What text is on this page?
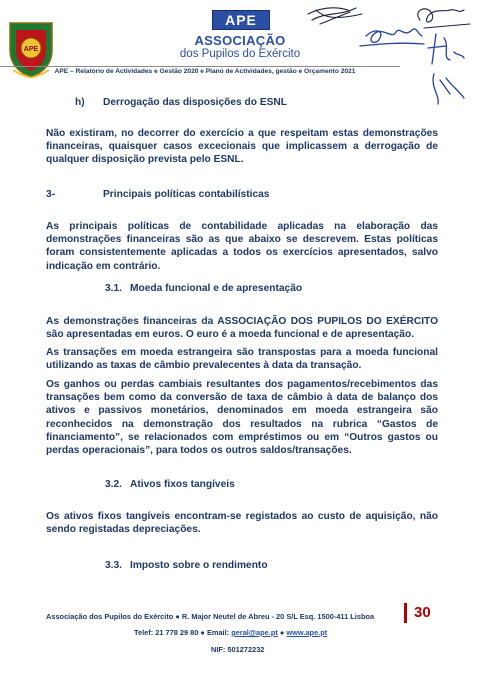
APE
APE
ASSOCIAÇÃO
dos Pupilos do Exército
APE – Relatório de Actividades e Gestão 2020 e Plano de Actividades, gestão e Orçamento 2021
h) Derrogação das disposições do ESNL
Não existiram, no decorrer do exercício a que respeitam estas demonstrações financeiras, quaisquer casos excecionais que implicassem a derrogação de qualquer disposição prevista pelo ESNL.
3-	Principais políticas contabilísticas
As principais políticas de contabilidade aplicadas na elaboração das demonstrações financeiras são as que abaixo se descrevem. Estas políticas foram consistentemente aplicadas a todos os exercícios apresentados, salvo indicação em contrário.
3.1. Moeda funcional e de apresentação
As demonstrações financeiras da ASSOCIAÇÃO DOS PUPILOS DO EXÉRCITO são apresentadas em euros. O euro é a moeda funcional e de apresentação.
As transações em moeda estrangeira são transpostas para a moeda funcional utilizando as taxas de câmbio prevalecentes à data da transação.
Os ganhos ou perdas cambiais resultantes dos pagamentos/recebimentos das transações bem como da conversão de taxa de câmbio à data de balanço dos ativos e passivos monetários, denominados em moeda estrangeira são reconhecidos na demonstração dos resultados na rubrica “Gastos de financiamento”, se relacionados com empréstimos ou em “Outros gastos ou perdas operacionais”, para todos os outros saldos/transações.
3.2. Ativos fixos tangíveis
Os ativos fixos tangíveis encontram-se registados ao custo de aquisição, não sendo registadas depreciações.
3.3. Imposto sobre o rendimento
Associação dos Pupilos do Exército ● R. Major Neutel de Abreu - 20 S/L Esq. 1500-411 Lisboa	30
Telef: 21 778 29 80 ● Email: geral@ape.pt ● www.ape.pt
NIF: 501272232
